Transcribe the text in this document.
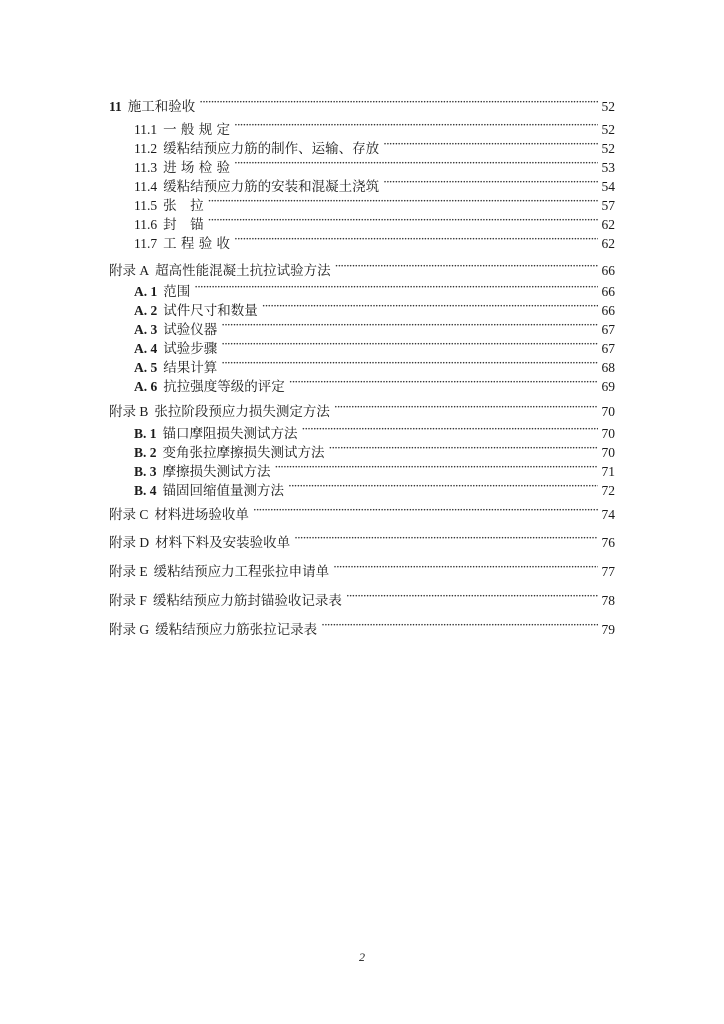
11 施工和验收 · · ·	52
11.1 一 般 规 定 · · ·	52
11.2 缓粘结预应力筋的制作、运输、存放 · · ·	52
11.3 进 场 检 验 · · ·	53
11.4 缓粘结预应力筋的安装和混凝土浇筑 · · ·	54
11.5 张　拉 · · ·	57
11.6 封　锚 · · ·	62
11.7 工 程 验 收 · · ·	62
附录 A 超高性能混凝土抗拉试验方法 · · ·	66
A. 1 范围 · · ·	66
A. 2 试件尺寸和数量 · · ·	66
A. 3 试验仪器 · · ·	67
A. 4 试验步骤 · · ·	67
A. 5 结果计算 · · ·	68
A. 6 抗拉强度等级的评定 · · ·	69
附录 B 张拉阶段预应力损失测定方法 · · ·	70
B. 1 锚口摩阻损失测试方法 · · ·	70
B. 2 变角张拉摩擦损失测试方法 · · ·	70
B. 3 摩擦损失测试方法 · · ·	71
B. 4 锚固回缩值量测方法 · · ·	72
附录 C 材料进场验收单 · · ·	74
附录 D 材料下料及安装验收单 · · ·	76
附录 E 缓粘结预应力工程张拉申请单 · · ·	77
附录 F 缓粘结预应力筋封锚验收记录表 · · ·	78
附录 G 缓粘结预应力筋张拉记录表 · · ·	79
2
